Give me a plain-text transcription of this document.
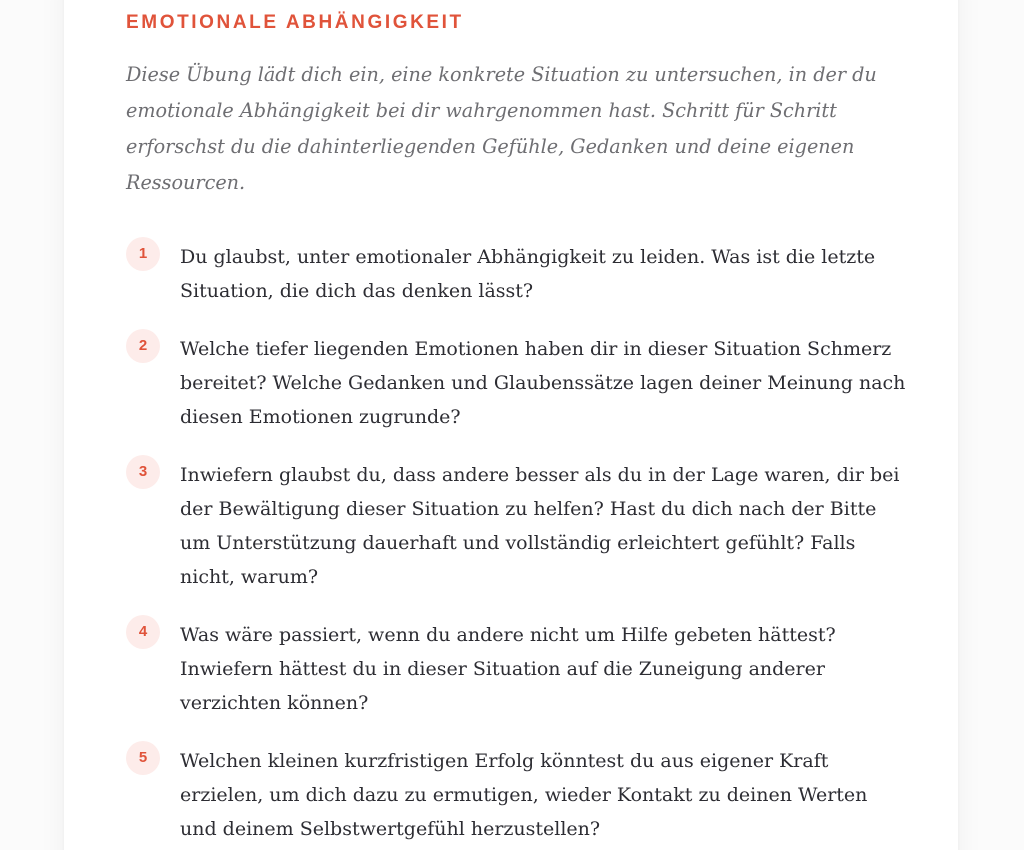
EMOTIONALE ABHÄNGIGKEIT

Diese Übung lädt dich ein, eine konkrete Situation zu untersuchen, in der du emotionale Abhängigkeit bei dir wahrgenommen hast. Schritt für Schritt erforschst du die dahinterliegenden Gefühle, Gedanken und deine eigenen Ressourcen.

1	Du glaubst, unter emotionaler Abhängigkeit zu leiden. Was ist die letzte Situation, die dich das denken lässt?
2	Welche tiefer liegenden Emotionen haben dir in dieser Situation Schmerz bereitet? Welche Gedanken und Glaubenssätze lagen deiner Meinung nach diesen Emotionen zugrunde?
3	Inwiefern glaubst du, dass andere besser als du in der Lage waren, dir bei der Bewältigung dieser Situation zu helfen? Hast du dich nach der Bitte um Unterstützung dauerhaft und vollständig erleichtert gefühlt? Falls nicht, warum?
4	Was wäre passiert, wenn du andere nicht um Hilfe gebeten hättest? Inwiefern hättest du in dieser Situation auf die Zuneigung anderer verzichten können?
5	Welchen kleinen kurzfristigen Erfolg könntest du aus eigener Kraft erzielen, um dich dazu zu ermutigen, wieder Kontakt zu deinen Werten und deinem Selbstwertgefühl herzustellen?
